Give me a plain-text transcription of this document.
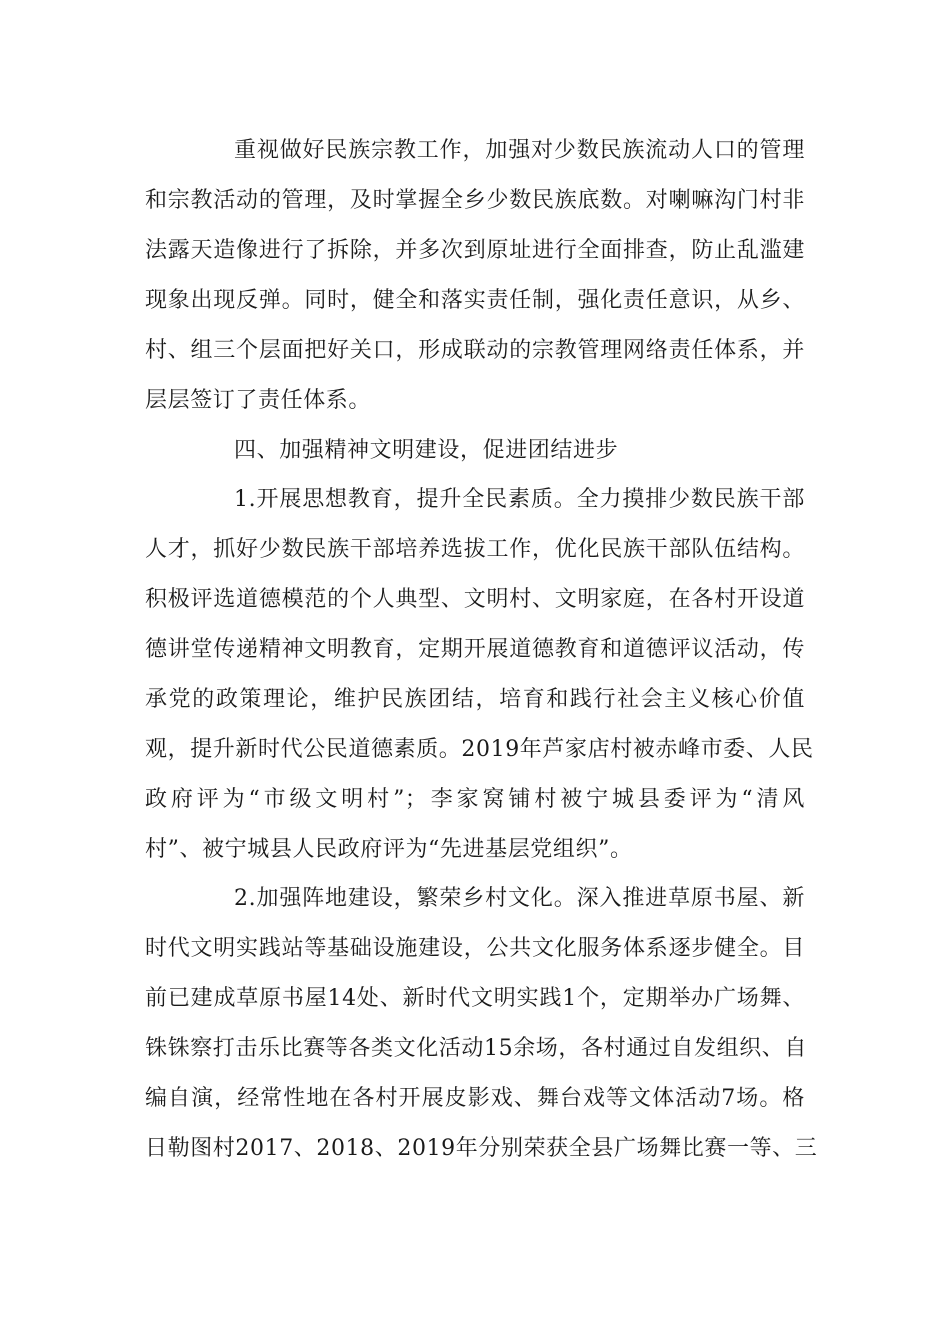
重视做好民族宗教工作，加强对少数民族流动人口的管理
和宗教活动的管理，及时掌握全乡少数民族底数。对喇嘛沟门村非
法露天造像进行了拆除，并多次到原址进行全面排查，防止乱滥建
现象出现反弹。同时，健全和落实责任制，强化责任意识，从乡、
村、组三个层面把好关口，形成联动的宗教管理网络责任体系，并
层层签订了责任体系。
四、加强精神文明建设，促进团结进步
1.开展思想教育，提升全民素质。全力摸排少数民族干部
人才，抓好少数民族干部培养选拔工作，优化民族干部队伍结构。
积极评选道德模范的个人典型、文明村、文明家庭，在各村开设道
德讲堂传递精神文明教育，定期开展道德教育和道德评议活动，传
承党的政策理论，维护民族团结，培育和践行社会主义核心价值
观，提升新时代公民道德素质。2019年芦家店村被赤峰市委、人民
政府评为“市级文明村”；李家窝铺村被宁城县委评为“清风
村”、被宁城县人民政府评为“先进基层党组织”。
2.加强阵地建设，繁荣乡村文化。深入推进草原书屋、新
时代文明实践站等基础设施建设，公共文化服务体系逐步健全。目
前已建成草原书屋14处、新时代文明实践1个，定期举办广场舞、
铢铢察打击乐比赛等各类文化活动15余场，各村通过自发组织、自
编自演，经常性地在各村开展皮影戏、舞台戏等文体活动7场。格
日勒图村2017、2018、2019年分别荣获全县广场舞比赛一等、三
